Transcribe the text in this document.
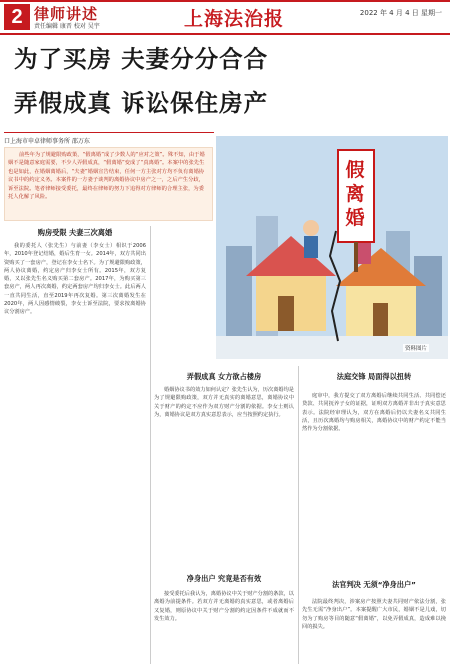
2 律师讲述
责任编辑 康晋 校对 吴宇	上海法治报	2022 年 4 月 4 日 星期一
为了买房 夫妻分分合合
弄假成真 诉讼保住房产
口上海市申卓律师事务所 邵万东
前些年为了规避限购政策，“假离婚”成了少数人的“应对之策”。殊不知，由于婚姻不是随意家庭需要，不少人弄假成真，“假离婚”变成了“真离婚”。本案中的张先生也是如此，在婚姻离婚后，“夫妻”婚姻宣告结束，任何一方主张对方均不负有离婚协议书中的约定义务。本案件的一方妻子谈判的离婚协议中房产之一，之后产生分歧，诉至法院。笔者律师接受委托，最终在律师的努力下追得对方律师的合理主张，为委托人化解了风险。
假离婚
资料图片
购房受限 夫妻三次离婚

我的委托人（张先生）与前妻（李女士）相识于2006年，2010年登记结婚，婚后生育一女。2014年，双方共同出资购买了一套房产，登记在李女士名下。为了规避限购政策，两人协议离婚，约定房产归李女士所有。2015年，双方复婚，又以张先生名义购买第二套房产。2017年，为购买第三套房产，两人再次离婚，约定两套房产均归李女士。此后两人一直共同生活，直至2019年再次复婚。第三次离婚发生在2020年，两人因感情破裂，李女士诉至法院，要求按离婚协议分割房产。

弄假成真 女方欲占楼房

婚姻协议书的效力如何认定？张先生认为，历次离婚均是为了规避限购政策，双方并无真实的离婚意思，离婚协议中关于财产的约定不应作为双方财产分割的依据。李女士则认为，离婚协议是双方真实意思表示，应当按照约定执行。

净身出户 究竟是否有效

接受委托后我认为，离婚协议中关于财产分割的条款，以离婚为前提条件。若双方并无离婚的真实意思，或者离婚后又复婚，则原协议中关于财产分割的约定因条件不成就而不发生效力。

法庭交锋 局面得以扭转

庭审中，我方提交了双方离婚后继续共同生活、共同偿还贷款、共同抚养子女的证据，证明双方离婚并非出于真实意思表示。法院经审理认为，双方在离婚后仍以夫妻名义共同生活，且历次离婚均与购房相关，离婚协议中的财产约定不能当然作为分割依据。

法官判决 无须“净身出户”

法院最终判决，涉案房产按照夫妻共同财产依法分割，张先生无需“净身出户”。本案提醒广大市民，婚姻不是儿戏，切勿为了购房等目的随意“假离婚”，以免弄假成真，造成难以挽回的损失。
